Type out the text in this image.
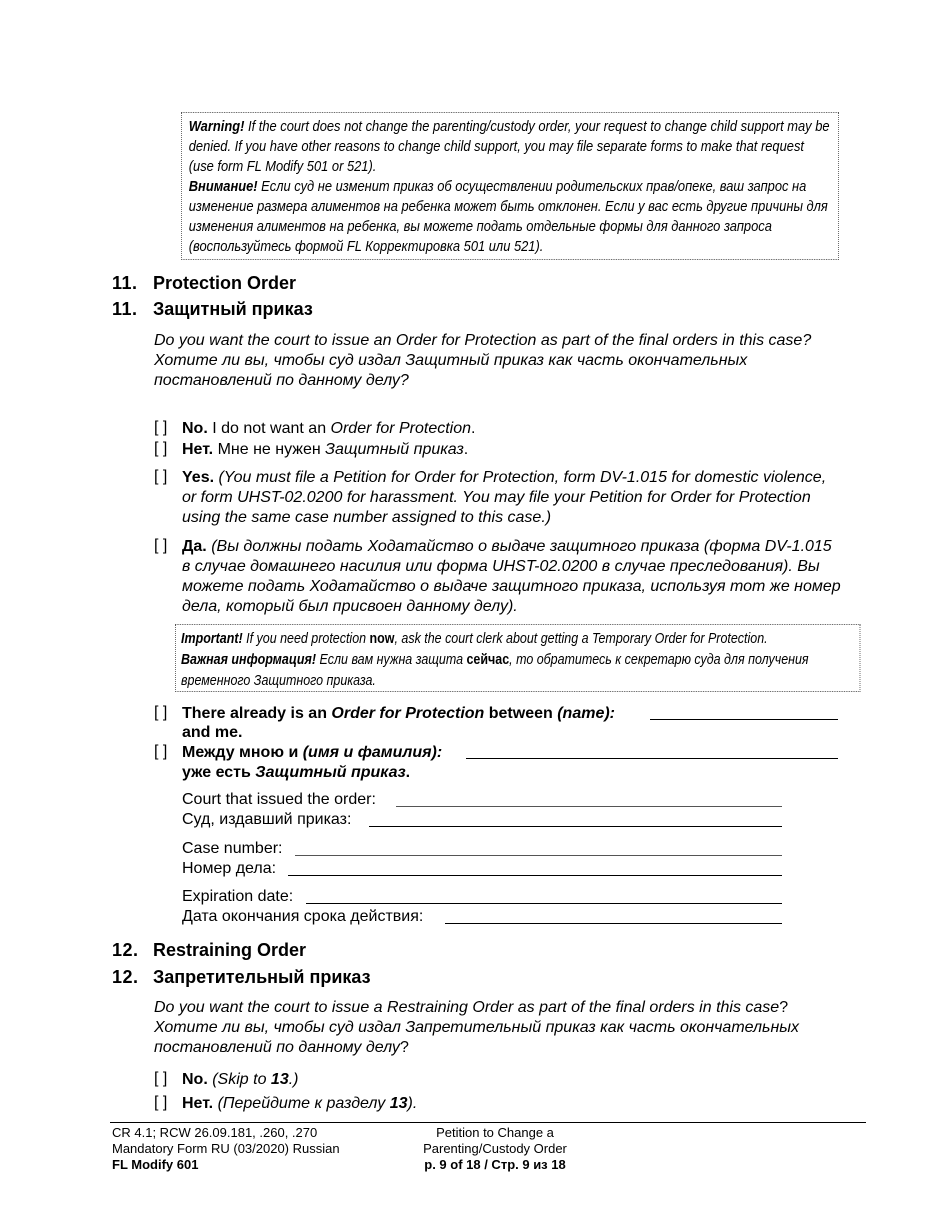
Warning! If the court does not change the parenting/custody order, your request to change child support may be denied. If you have other reasons to change child support, you may file separate forms to make that request (use form FL Modify 501 or 521).

Внимание! Если суд не изменит приказ об осуществлении родительских прав/опеке, ваш запрос на изменение размера алиментов на ребенка может быть отклонен. Если у вас есть другие причины для изменения алиментов на ребенка, вы можете подать отдельные формы для данного запроса (воспользуйтесь формой FL Корректировка 501 или 521).

11. Protection Order
11. Защитный приказ

Do you want the court to issue an Order for Protection as part of the final orders in this case?

Хотите ли вы, чтобы суд издал Защитный приказ как часть окончательных постановлений по данному делу?

[ ] No. I do not want an Order for Protection.
[ ] Нет. Мне не нужен Защитный приказ.
[ ] Yes. (You must file a Petition for Order for Protection, form DV-1.015 for domestic violence, or form UHST-02.0200 for harassment. You may file your Petition for Order for Protection using the same case number assigned to this case.)
[ ] Да. (Вы должны подать Ходатайство о выдаче защитного приказа (форма DV-1.015 в случае домашнего насилия или форма UHST-02.0200 в случае преследования). Вы можете подать Ходатайство о выдаче защитного приказа, используя тот же номер дела, который был присвоен данному делу).

Important! If you need protection now, ask the court clerk about getting a Temporary Order for Protection.

Важная информация! Если вам нужна защита сейчас, то обратитесь к секретарю суда для получения временного Защитного приказа.

[ ] There already is an Order for Protection between (name):
and me.
[ ] Между мною и (имя и фамилия):
уже есть Защитный приказ.
Court that issued the order:
Суд, издавший приказ:
Case number:
Номер дела:
Expiration date:
Дата окончания срока действия:
12. Restraining Order
12. Запретительный приказ

Do you want the court to issue a Restraining Order as part of the final orders in this case?

Хотите ли вы, чтобы суд издал Запретительный приказ как часть окончательных постановлений по данному делу?

[ ] No. (Skip to 13.)
[ ] Нет. (Перейдите к разделу 13).
CR 4.1; RCW 26.09.181, .260, .270
Mandatory Form RU (03/2020) Russian
FL Modify 601
Petition to Change a
Parenting/Custody Order
p. 9 of 18 / Стр. 9 из 18
